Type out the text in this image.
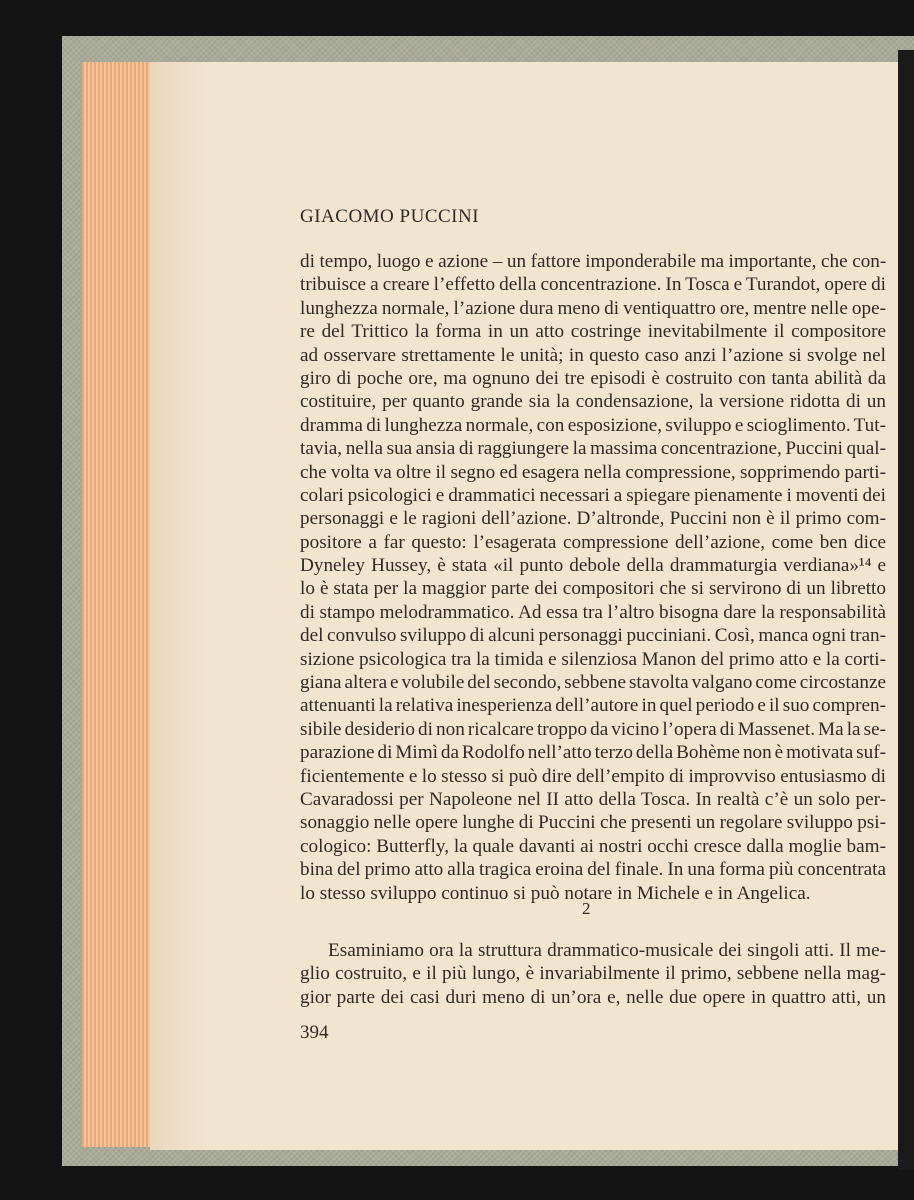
GIACOMO PUCCINI
di tempo, luogo e azione – un fattore imponderabile ma importante, che con-
tribuisce a creare l’effetto della concentrazione. In Tosca e Turandot, opere di
lunghezza normale, l’azione dura meno di ventiquattro ore, mentre nelle ope-
re del Trittico la forma in un atto costringe inevitabilmente il compositore
ad osservare strettamente le unità; in questo caso anzi l’azione si svolge nel
giro di poche ore, ma ognuno dei tre episodi è costruito con tanta abilità da
costituire, per quanto grande sia la condensazione, la versione ridotta di un
dramma di lunghezza normale, con esposizione, sviluppo e scioglimento. Tut-
tavia, nella sua ansia di raggiungere la massima concentrazione, Puccini qual-
che volta va oltre il segno ed esagera nella compressione, sopprimendo parti-
colari psicologici e drammatici necessari a spiegare pienamente i moventi dei
personaggi e le ragioni dell’azione. D’altronde, Puccini non è il primo com-
positore a far questo: l’esagerata compressione dell’azione, come ben dice
Dyneley Hussey, è stata «il punto debole della drammaturgia verdiana»¹⁴ e
lo è stata per la maggior parte dei compositori che si servirono di un libretto
di stampo melodrammatico. Ad essa tra l’altro bisogna dare la responsabilità
del convulso sviluppo di alcuni personaggi pucciniani. Così, manca ogni tran-
sizione psicologica tra la timida e silenziosa Manon del primo atto e la corti-
giana altera e volubile del secondo, sebbene stavolta valgano come circostanze
attenuanti la relativa inesperienza dell’autore in quel periodo e il suo compren-
sibile desiderio di non ricalcare troppo da vicino l’opera di Massenet. Ma la se-
parazione di Mimì da Rodolfo nell’atto terzo della Bohème non è motivata suf-
ficientemente e lo stesso si può dire dell’empito di improvviso entusiasmo di
Cavaradossi per Napoleone nel II atto della Tosca. In realtà c’è un solo per-
sonaggio nelle opere lunghe di Puccini che presenti un regolare sviluppo psi-
cologico: Butterfly, la quale davanti ai nostri occhi cresce dalla moglie bam-
bina del primo atto alla tragica eroina del finale. In una forma più concentrata
lo stesso sviluppo continuo si può notare in Michele e in Angelica.
2
Esaminiamo ora la struttura drammatico-musicale dei singoli atti. Il me-
glio costruito, e il più lungo, è invariabilmente il primo, sebbene nella mag-
gior parte dei casi duri meno di un’ora e, nelle due opere in quattro atti, un
394
